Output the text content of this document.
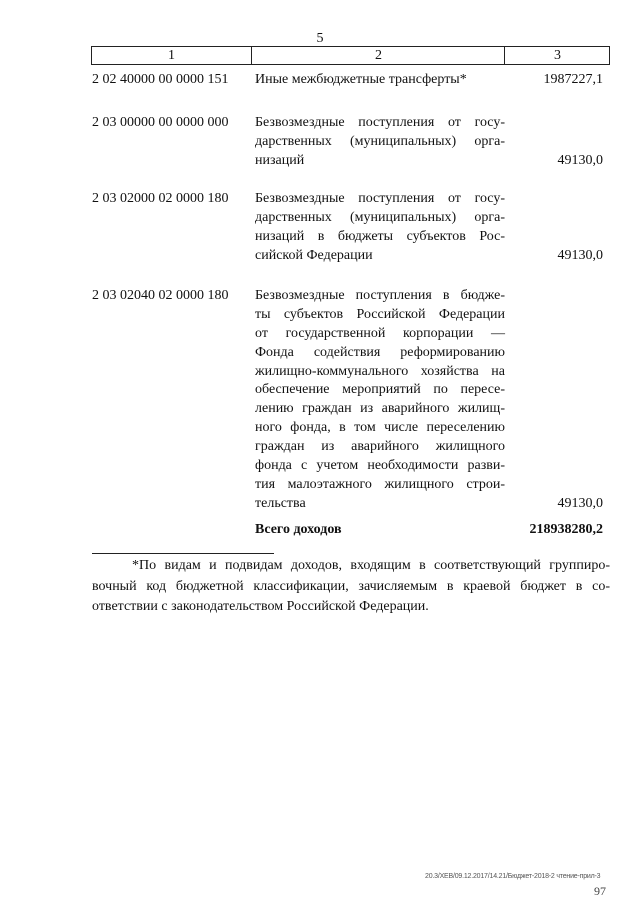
5
1	2	3
2 02 40000 00 0000 151 Иные межбюджетные трансферты*	1987227,1
2 03 00000 00 0000 000 Безвозмездные поступления от госу-
дарственных (муниципальных) орга-
низаций	49130,0
2 03 02000 02 0000 180 Безвозмездные поступления от госу-
дарственных (муниципальных) орга-
низаций в бюджеты субъектов Рос-
сийской Федерации	49130,0
2 03 02040 02 0000 180 Безвозмездные поступления в бюдже-
ты субъектов Российской Федерации
от государственной корпорации —
Фонда содействия реформированию
жилищно-коммунального хозяйства на
обеспечение мероприятий по пересе-
лению граждан из аварийного жилищ-
ного фонда, в том числе переселению
граждан из аварийного жилищного
фонда с учетом необходимости разви-
тия малоэтажного жилищного строи-
тельства	49130,0
Всего доходов	218938280,2
*По видам и подвидам доходов, входящим в соответствующий группиро-
вочный код бюджетной классификации, зачисляемым в краевой бюджет в со-
ответствии с законодательством Российской Федерации.
20.3/XEB/09.12.2017/14.21/Бюджет-2018-2 чтение-прил-3
97
